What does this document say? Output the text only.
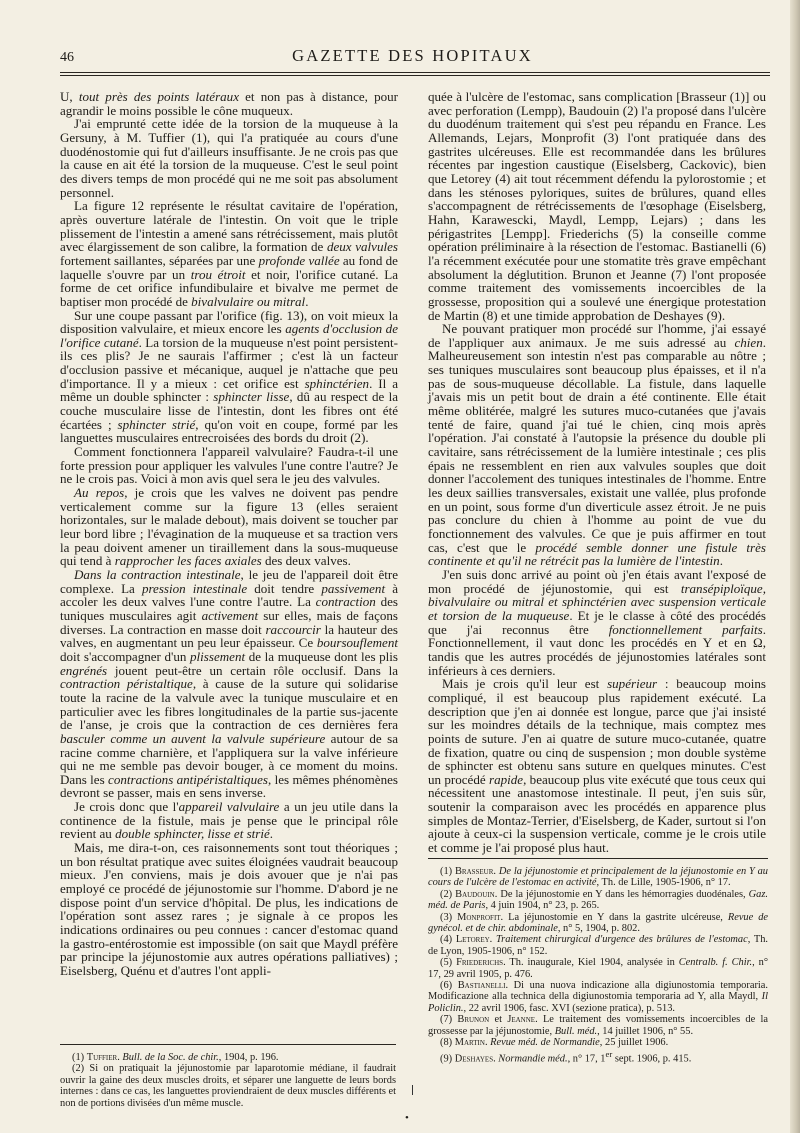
46	GAZETTE DES HOPITAUX

U, tout près des points latéraux et non pas à distance, pour agrandir le moins possible le cône muqueux.

J'ai emprunté cette idée de la torsion de la muqueuse à la Gersuny, à M. Tuffier (1), qui l'a pratiquée au cours d'une duodénostomie qui fut d'ailleurs insuffisante. Je ne crois pas que la cause en ait été la torsion de la muqueuse. C'est le seul point des divers temps de mon procédé qui ne me soit pas absolument personnel.

La figure 12 représente le résultat cavitaire de l'opération, après ouverture latérale de l'intestin. On voit que le triple plissement de l'intestin a amené sans rétrécissement, mais plutôt avec élargissement de son calibre, la formation de deux valvules fortement saillantes, séparées par une profonde vallée au fond de laquelle s'ouvre par un trou étroit et noir, l'orifice cutané. La forme de cet orifice infundibulaire et bivalve me permet de baptiser mon procédé de bivalvulaire ou mitral.

Sur une coupe passant par l'orifice (fig. 13), on voit mieux la disposition valvulaire, et mieux encore les agents d'occlusion de l'orifice cutané. La torsion de la muqueuse n'est point persistent-ils ces plis? Je ne saurais l'affirmer ; c'est là un facteur d'occlusion passive et mécanique, auquel je n'attache que peu d'importance. Il y a mieux : cet orifice est sphinctérien. Il a même un double sphincter : sphincter lisse, dû au respect de la couche musculaire lisse de l'intestin, dont les fibres ont été écartées ; sphincter strié, qu'on voit en coupe, formé par les languettes musculaires entrecroisées des bords du droit (2).

Comment fonctionnera l'appareil valvulaire? Faudra-t-il une forte pression pour appliquer les valvules l'une contre l'autre? Je ne le crois pas. Voici à mon avis quel sera le jeu des valvules.

Au repos, je crois que les valves ne doivent pas pendre verticalement comme sur la figure 13 (elles seraient horizontales, sur le malade debout), mais doivent se toucher par leur bord libre ; l'évagination de la muqueuse et sa traction vers la peau doivent amener un tiraillement dans la sous-muqueuse qui tend à rapprocher les faces axiales des deux valves.

Dans la contraction intestinale, le jeu de l'appareil doit être complexe. La pression intestinale doit tendre passivement à accoler les deux valves l'une contre l'autre. La contraction des tuniques musculaires agit activement sur elles, mais de façons diverses. La contraction en masse doit raccourcir la hauteur des valves, en augmentant un peu leur épaisseur. Ce boursouflement doit s'accompagner d'un plissement de la muqueuse dont les plis engrénés jouent peut-être un certain rôle occlusif. Dans la contraction péristaltique, à cause de la suture qui solidarise toute la racine de la valvule avec la tunique musculaire et en particulier avec les fibres longitudinales de la partie sus-jacente de l'anse, je crois que la contraction de ces dernières fera basculer comme un auvent la valvule supérieure autour de sa racine comme charnière, et l'appliquera sur la valve inférieure qui ne me semble pas devoir bouger, à ce moment du moins. Dans les contractions antipéristaltiques, les mêmes phénomènes devront se passer, mais en sens inverse.

Je crois donc que l'appareil valvulaire a un jeu utile dans la continence de la fistule, mais je pense que le principal rôle revient au double sphincter, lisse et strié.

Mais, me dira-t-on, ces raisonnements sont tout théoriques ; un bon résultat pratique avec suites éloignées vaudrait beaucoup mieux. J'en conviens, mais je dois avouer que je n'ai pas employé ce procédé de jéjunostomie sur l'homme. D'abord je ne dispose point d'un service d'hôpital. De plus, les indications de l'opération sont assez rares ; je signale à ce propos les indications ordinaires ou peu connues : cancer d'estomac quand la gastro-entérostomie est impossible (on sait que Maydl préfère par principe la jéjunostomie aux autres opérations palliatives) ; Eiselsberg, Quénu et d'autres l'ont appli-

quée à l'ulcère de l'estomac, sans complication [Brasseur (1)] ou avec perforation (Lempp), Baudouin (2) l'a proposé dans l'ulcère du duodénum traitement qui s'est peu répandu en France. Les Allemands, Lejars, Monprofit (3) l'ont pratiquée dans des gastrites ulcéreuses. Elle est recommandée dans les brûlures récentes par ingestion caustique (Eiselsberg, Cackovic), bien que Letorey (4) ait tout récemment défendu la pylorostomie ; et dans les sténoses pyloriques, suites de brûlures, quand elles s'accompagnent de rétrécissements de l'œsophage (Eiselsberg, Hahn, Karawescki, Maydl, Lempp, Lejars) ; dans les périgastrites [Lempp]. Friederichs (5) la conseille comme opération préliminaire à la résection de l'estomac. Bastianelli (6) l'a récemment exécutée pour une stomatite très grave empêchant absolument la déglutition. Brunon et Jeanne (7) l'ont proposée comme traitement des vomissements incoercibles de la grossesse, proposition qui a soulevé une énergique protestation de Martin (8) et une timide approbation de Deshayes (9).

Ne pouvant pratiquer mon procédé sur l'homme, j'ai essayé de l'appliquer aux animaux. Je me suis adressé au chien. Malheureusement son intestin n'est pas comparable au nôtre ; ses tuniques musculaires sont beaucoup plus épaisses, et il n'a pas de sous-muqueuse décollable. La fistule, dans laquelle j'avais mis un petit bout de drain a été continente. Elle était même oblitérée, malgré les sutures muco-cutanées que j'avais tenté de faire, quand j'ai tué le chien, cinq mois après l'opération. J'ai constaté à l'autopsie la présence du double pli cavitaire, sans rétrécissement de la lumière intestinale ; ces plis épais ne ressemblent en rien aux valvules souples que doit donner l'accolement des tuniques intestinales de l'homme. Entre les deux saillies transversales, existait une vallée, plus profonde en un point, sous forme d'un diverticule assez étroit. Je ne puis pas conclure du chien à l'homme au point de vue du fonctionnement des valvules. Ce que je puis affirmer en tout cas, c'est que le procédé semble donner une fistule très continente et qu'il ne rétrécit pas la lumière de l'intestin.

J'en suis donc arrivé au point où j'en étais avant l'exposé de mon procédé de jéjunostomie, qui est transépiploïque, bivalvulaire ou mitral et sphinctérien avec suspension verticale et torsion de la muqueuse. Et je le classe à côté des procédés que j'ai reconnus être fonctionnellement parfaits. Fonctionnellement, il vaut donc les procédés en Y et en Ω, tandis que les autres procédés de jéjunostomies latérales sont inférieurs à ces derniers.

Mais je crois qu'il leur est supérieur : beaucoup moins compliqué, il est beaucoup plus rapidement exécuté. La description que j'en ai donnée est longue, parce que j'ai insisté sur les moindres détails de la technique, mais comptez mes points de suture. J'en ai quatre de suture muco-cutanée, quatre de fixation, quatre ou cinq de suspension ; mon double système de sphincter est obtenu sans suture en quelques minutes. C'est un procédé rapide, beaucoup plus vite exécuté que tous ceux qui nécessitent une anastomose intestinale. Il peut, j'en suis sûr, soutenir la comparaison avec les procédés en apparence plus simples de Montaz-Terrier, d'Eiselsberg, de Kader, surtout si l'on ajoute à ceux-ci la suspension verticale, comme je le crois utile et comme je l'ai proposé plus haut.

(1) Tuffier. Bull. de la Soc. de chir., 1904, p. 196.

(2) Si on pratiquait la jéjunostomie par laparotomie médiane, il faudrait ouvrir la gaine des deux muscles droits, et séparer une languette de leurs bords internes : dans ce cas, les languettes proviendraient de deux muscles différents et non de portions divisées d'un même muscle.

(1) Brasseur. De la jéjunostomie et principalement de la jéjunostomie en Y au cours de l'ulcère de l'estomac en activité, Th. de Lille, 1905-1906, n° 17.

(2) Baudouin. De la jéjunostomie en Y dans les hémorragies duodénales, Gaz. méd. de Paris, 4 juin 1904, n° 23, p. 265.

(3) Monprofit. La jéjunostomie en Y dans la gastrite ulcéreuse, Revue de gynécol. et de chir. abdominale, n° 5, 1904, p. 802.

(4) Letorey. Traitement chirurgical d'urgence des brûlures de l'estomac, Th. de Lyon, 1905-1906, n° 152.

(5) Friederichs. Th. inaugurale, Kiel 1904, analysée in Centralb. f. Chir., n° 17, 29 avril 1905, p. 476.

(6) Bastianelli. Di una nuova indicazione alla digiunostomia temporaria. Modificazione alla technica della digiunostomia temporaria ad Y, alla Maydl, Il Policlin., 22 avril 1906, fasc. XVI (sezione pratica), p. 513.

(7) Brunon et Jeanne. Le traitement des vomissements incoercibles de la grossesse par la jéjunostomie, Bull. méd., 14 juillet 1906, n° 55.

(8) Martin. Revue méd. de Normandie, 25 juillet 1906.

(9) Deshayes. Normandie méd., n° 17, 1er sept. 1906, p. 415.

•
